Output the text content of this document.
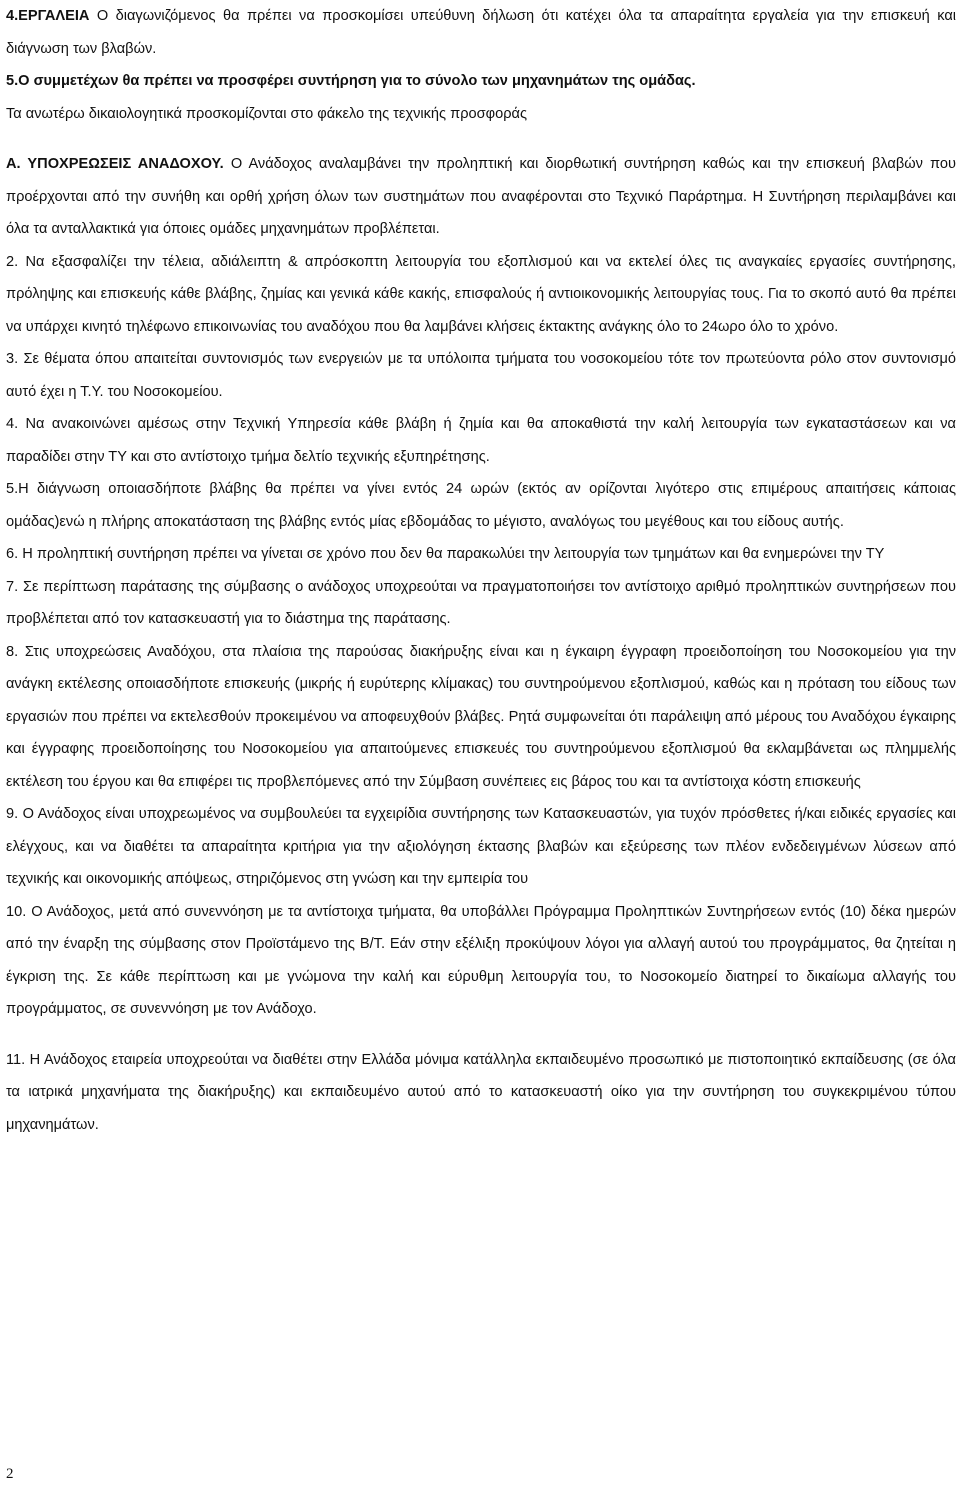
4.ΕΡΓΑΛΕΙΑ Ο διαγωνιζόμενος θα πρέπει να προσκομίσει υπεύθυνη δήλωση ότι κατέχει όλα τα απαραίτητα εργαλεία για την επισκευή και διάγνωση των βλαβών.

5.Ο συμμετέχων θα πρέπει να προσφέρει συντήρηση για το σύνολο των μηχανημάτων της ομάδας.

Τα ανωτέρω δικαιολογητικά προσκομίζονται στο φάκελο της τεχνικής προσφοράς

Α. ΥΠΟΧΡΕΩΣΕΙΣ ΑΝΑΔΟΧΟΥ. Ο Ανάδοχος αναλαμβάνει την προληπτική και διορθωτική συντήρηση καθώς και την επισκευή βλαβών που προέρχονται από την συνήθη και ορθή χρήση όλων των συστημάτων που αναφέρονται στο Τεχνικό Παράρτημα. Η Συντήρηση περιλαμβάνει και όλα τα ανταλλακτικά για όποιες ομάδες μηχανημάτων προβλέπεται.

2. Να εξασφαλίζει την τέλεια, αδιάλειπτη & απρόσκοπτη λειτουργία του εξοπλισμού και να εκτελεί όλες τις αναγκαίες εργασίες συντήρησης, πρόληψης και επισκευής κάθε βλάβης, ζημίας και γενικά κάθε κακής, επισφαλούς ή αντιοικονομικής λειτουργίας τους. Για το σκοπό αυτό θα πρέπει να υπάρχει κινητό τηλέφωνο επικοινωνίας του αναδόχου που θα λαμβάνει κλήσεις έκτακτης ανάγκης όλο το 24ωρο όλο το χρόνο.

3. Σε θέματα όπου απαιτείται συντονισμός των ενεργειών με τα υπόλοιπα τμήματα του νοσοκομείου τότε τον πρωτεύοντα ρόλο στον συντονισμό αυτό έχει η Τ.Υ. του Νοσοκομείου.

4. Να ανακοινώνει αμέσως στην Τεχνική Υπηρεσία κάθε βλάβη ή ζημία και θα αποκαθιστά την καλή λειτουργία των εγκαταστάσεων και να παραδίδει στην ΤΥ και στο αντίστοιχο τμήμα δελτίο τεχνικής εξυπηρέτησης.

5.Η διάγνωση οποιασδήποτε βλάβης θα πρέπει να γίνει εντός 24 ωρών (εκτός αν ορίζονται λιγότερο στις επιμέρους απαιτήσεις κάποιας ομάδας)ενώ η πλήρης αποκατάσταση της βλάβης εντός μίας εβδομάδας το μέγιστο, αναλόγως του μεγέθους και του είδους αυτής.

6. Η προληπτική συντήρηση πρέπει να γίνεται σε χρόνο που δεν θα παρακωλύει την λειτουργία των τμημάτων και θα ενημερώνει την ΤΥ

7. Σε περίπτωση παράτασης της σύμβασης ο ανάδοχος υποχρεούται να πραγματοποιήσει τον αντίστοιχο αριθμό προληπτικών συντηρήσεων που προβλέπεται από τον κατασκευαστή για το διάστημα της παράτασης.

8. Στις υποχρεώσεις Αναδόχου, στα πλαίσια της παρούσας διακήρυξης είναι και η έγκαιρη έγγραφη προειδοποίηση του Νοσοκομείου για την ανάγκη εκτέλεσης οποιασδήποτε επισκευής (μικρής ή ευρύτερης κλίμακας) του συντηρούμενου εξοπλισμού, καθώς και η πρόταση του είδους των εργασιών που πρέπει να εκτελεσθούν προκειμένου να αποφευχθούν βλάβες. Ρητά συμφωνείται ότι παράλειψη από μέρους του Αναδόχου έγκαιρης και έγγραφης προειδοποίησης του Νοσοκομείου για απαιτούμενες επισκευές του συντηρούμενου εξοπλισμού θα εκλαμβάνεται ως πλημμελής εκτέλεση του έργου και θα επιφέρει τις προβλεπόμενες από την Σύμβαση συνέπειες εις βάρος του και τα αντίστοιχα κόστη επισκευής

9. Ο Ανάδοχος είναι υποχρεωμένος να συμβουλεύει τα εγχειρίδια συντήρησης των Κατασκευαστών, για τυχόν πρόσθετες ή/και ειδικές εργασίες και ελέγχους, και να διαθέτει τα απαραίτητα κριτήρια για την αξιολόγηση έκτασης βλαβών και εξεύρεσης των πλέον ενδεδειγμένων λύσεων από τεχνικής και οικονομικής απόψεως, στηριζόμενος στη γνώση και την εμπειρία του

10. Ο Ανάδοχος, μετά από συνεννόηση με τα αντίστοιχα τμήματα, θα υποβάλλει Πρόγραμμα Προληπτικών Συντηρήσεων εντός (10) δέκα ημερών από την έναρξη της σύμβασης στον Προϊστάμενο της Β/Τ. Εάν στην εξέλιξη προκύψουν λόγοι για αλλαγή αυτού του προγράμματος, θα ζητείται η έγκριση της. Σε κάθε περίπτωση και με γνώμονα την καλή και εύρυθμη λειτουργία του, το Νοσοκομείο διατηρεί το δικαίωμα αλλαγής του προγράμματος, σε συνεννόηση με τον Ανάδοχο.

11. Η Ανάδοχος εταιρεία υποχρεούται να διαθέτει στην Ελλάδα μόνιμα κατάλληλα εκπαιδευμένο προσωπικό με πιστοποιητικό εκπαίδευσης (σε όλα τα ιατρικά μηχανήματα της διακήρυξης) και εκπαιδευμένο αυτού από το κατασκευαστή οίκο για την συντήρηση του συγκεκριμένου τύπου μηχανημάτων.

2
